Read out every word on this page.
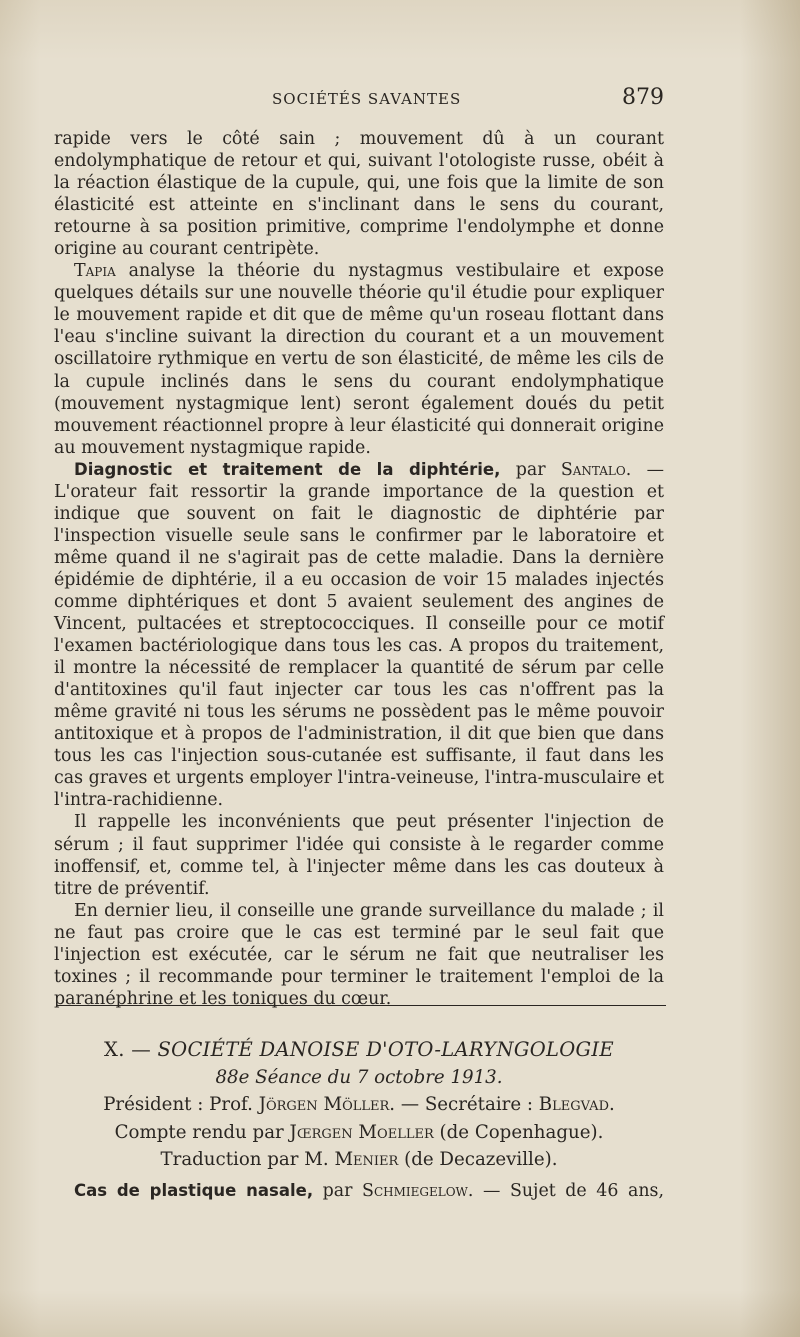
SOCIÉTÉS SAVANTES	879

rapide vers le côté sain ; mouvement dû à un courant endolymphatique de retour et qui, suivant l'otologiste russe, obéit à la réaction élastique de la cupule, qui, une fois que la limite de son élasticité est atteinte en s'inclinant dans le sens du courant, retourne à sa position primitive, comprime l'endolymphe et donne origine au courant centripète.

Tapia analyse la théorie du nystagmus vestibulaire et expose quelques détails sur une nouvelle théorie qu'il étudie pour expliquer le mouvement rapide et dit que de même qu'un roseau flottant dans l'eau s'incline suivant la direction du courant et a un mouvement oscillatoire rythmique en vertu de son élasticité, de même les cils de la cupule inclinés dans le sens du courant endolymphatique (mouvement nystagmique lent) seront également doués du petit mouvement réactionnel propre à leur élasticité qui donnerait origine au mouvement nystagmique rapide.

Diagnostic et traitement de la diphtérie, par Santalo. — L'orateur fait ressortir la grande importance de la question et indique que souvent on fait le diagnostic de diphtérie par l'inspection visuelle seule sans le confirmer par le laboratoire et même quand il ne s'agirait pas de cette maladie. Dans la dernière épidémie de diphtérie, il a eu occasion de voir 15 malades injectés comme diphtériques et dont 5 avaient seulement des angines de Vincent, pultacées et streptococciques. Il conseille pour ce motif l'examen bactériologique dans tous les cas. A propos du traitement, il montre la nécessité de remplacer la quantité de sérum par celle d'antitoxines qu'il faut injecter car tous les cas n'offrent pas la même gravité ni tous les sérums ne possèdent pas le même pouvoir antitoxique et à propos de l'administration, il dit que bien que dans tous les cas l'injection sous-cutanée est suffisante, il faut dans les cas graves et urgents employer l'intra-veineuse, l'intra-musculaire et l'intra-rachidienne.

Il rappelle les inconvénients que peut présenter l'injection de sérum ; il faut supprimer l'idée qui consiste à le regarder comme inoffensif, et, comme tel, à l'injecter même dans les cas douteux à titre de préventif.

En dernier lieu, il conseille une grande surveillance du malade ; il ne faut pas croire que le cas est terminé par le seul fait que l'injection est exécutée, car le sérum ne fait que neutraliser les toxines ; il recommande pour terminer le traitement l'emploi de la paranéphrine et les toniques du cœur.

X. — SOCIÉTÉ DANOISE D'OTO-LARYNGOLOGIE
88e Séance du 7 octobre 1913.
Président : Prof. Jörgen Möller. — Secrétaire : Blegvad.
Compte rendu par Jœrgen Moeller (de Copenhague).
Traduction par M. Menier (de Decazeville).

Cas de plastique nasale, par Schmiegelow. — Sujet de 46 ans,
